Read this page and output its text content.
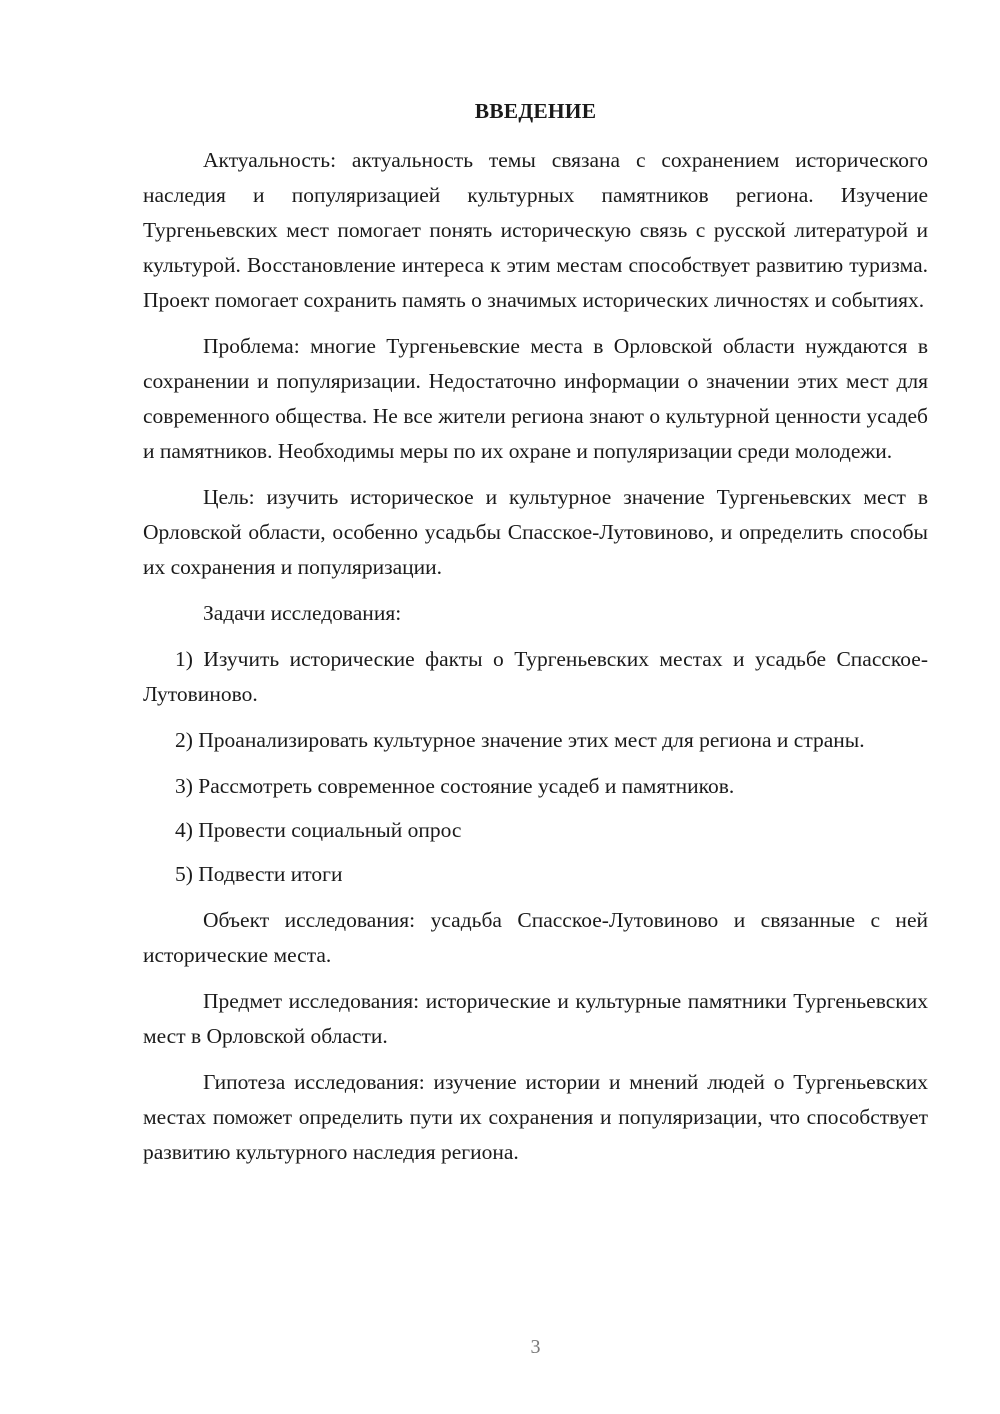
ВВЕДЕНИЕ

Актуальность: актуальность темы связана с сохранением исторического наследия и популяризацией культурных памятников региона. Изучение Тургеньевских мест помогает понять историческую связь с русской литературой и культурой. Восстановление интереса к этим местам способствует развитию туризма. Проект помогает сохранить память о значимых исторических личностях и событиях.

Проблема: многие Тургеньевские места в Орловской области нуждаются в сохранении и популяризации. Недостаточно информации о значении этих мест для современного общества. Не все жители региона знают о культурной ценности усадеб и памятников. Необходимы меры по их охране и популяризации среди молодежи.

Цель: изучить историческое и культурное значение Тургеньевских мест в Орловской области, особенно усадьбы Спасское-Лутовиново, и определить способы их сохранения и популяризации.

Задачи исследования:

1) Изучить исторические факты о Тургеньевских местах и усадьбе Спасское-Лутовиново.

2) Проанализировать культурное значение этих мест для региона и страны.

3) Рассмотреть современное состояние усадеб и памятников.

4) Провести социальный опрос

5) Подвести итоги

Объект исследования: усадьба Спасское-Лутовиново и связанные с ней исторические места.

Предмет исследования: исторические и культурные памятники Тургеньевских мест в Орловской области.

Гипотеза исследования: изучение истории и мнений людей о Тургеньевских местах поможет определить пути их сохранения и популяризации, что способствует развитию культурного наследия региона.

3
